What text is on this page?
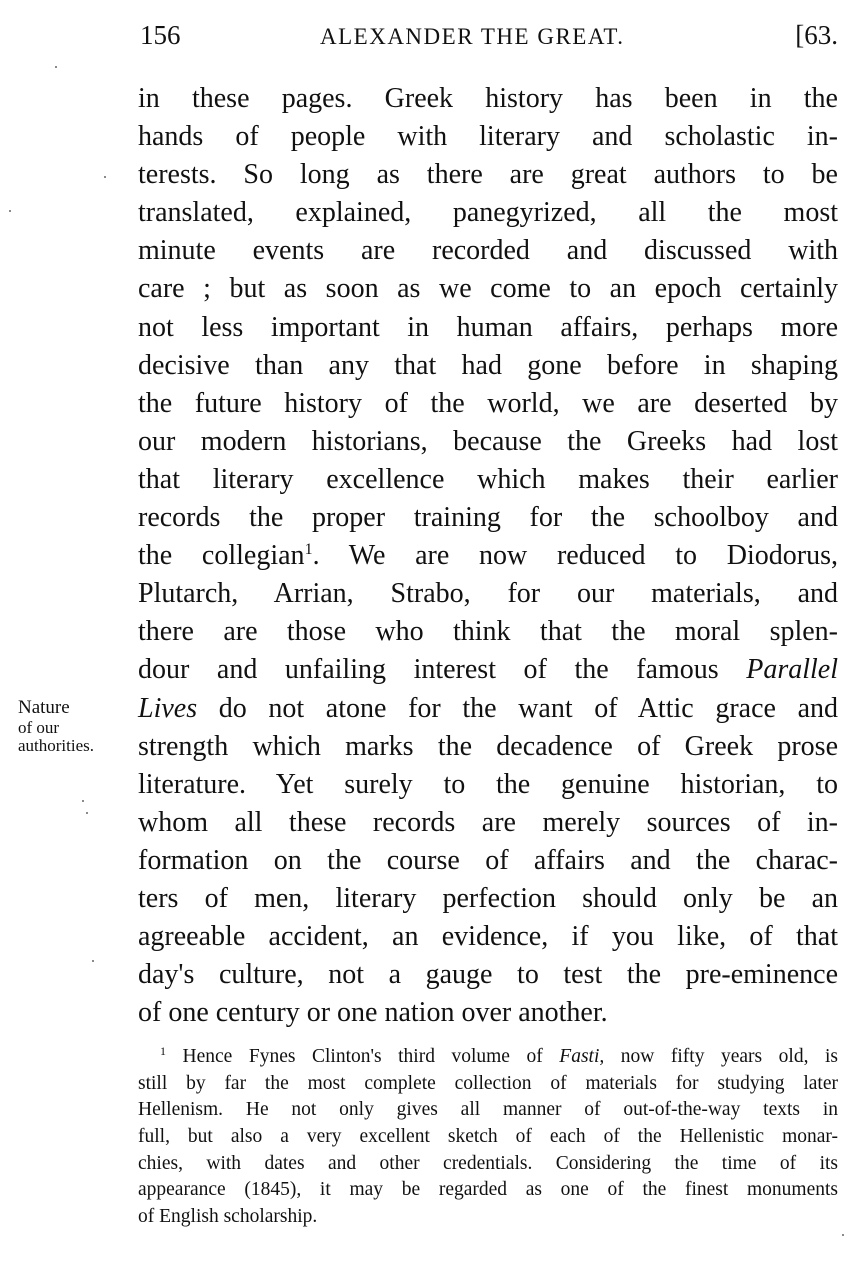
156	ALEXANDER THE GREAT.	[63.
Nature
of our
authorities.
in these pages. Greek history has been in the
hands of people with literary and scholastic in-
terests. So long as there are great authors to be
translated, explained, panegyrized, all the most
minute events are recorded and discussed with
care ; but as soon as we come to an epoch certainly
not less important in human affairs, perhaps more
decisive than any that had gone before in shaping
the future history of the world, we are deserted by
our modern historians, because the Greeks had lost
that literary excellence which makes their earlier
records the proper training for the schoolboy and
the collegian$^1$. We are now reduced to Diodorus,
Plutarch, Arrian, Strabo, for our materials, and
there are those who think that the moral splen-
dour and unfailing interest of the famous Parallel
Lives do not atone for the want of Attic grace and
strength which marks the decadence of Greek prose
literature. Yet surely to the genuine historian, to
whom all these records are merely sources of in-
formation on the course of affairs and the charac-
ters of men, literary perfection should only be an
agreeable accident, an evidence, if you like, of that
day's culture, not a gauge to test the pre-eminence
of one century or one nation over another.
$^1$ Hence Fynes Clinton's third volume of Fasti, now fifty years old, is
still by far the most complete collection of materials for studying later
Hellenism. He not only gives all manner of out-of-the-way texts in
full, but also a very excellent sketch of each of the Hellenistic monar-
chies, with dates and other credentials. Considering the time of its
appearance (1845), it may be regarded as one of the finest monuments
of English scholarship.
